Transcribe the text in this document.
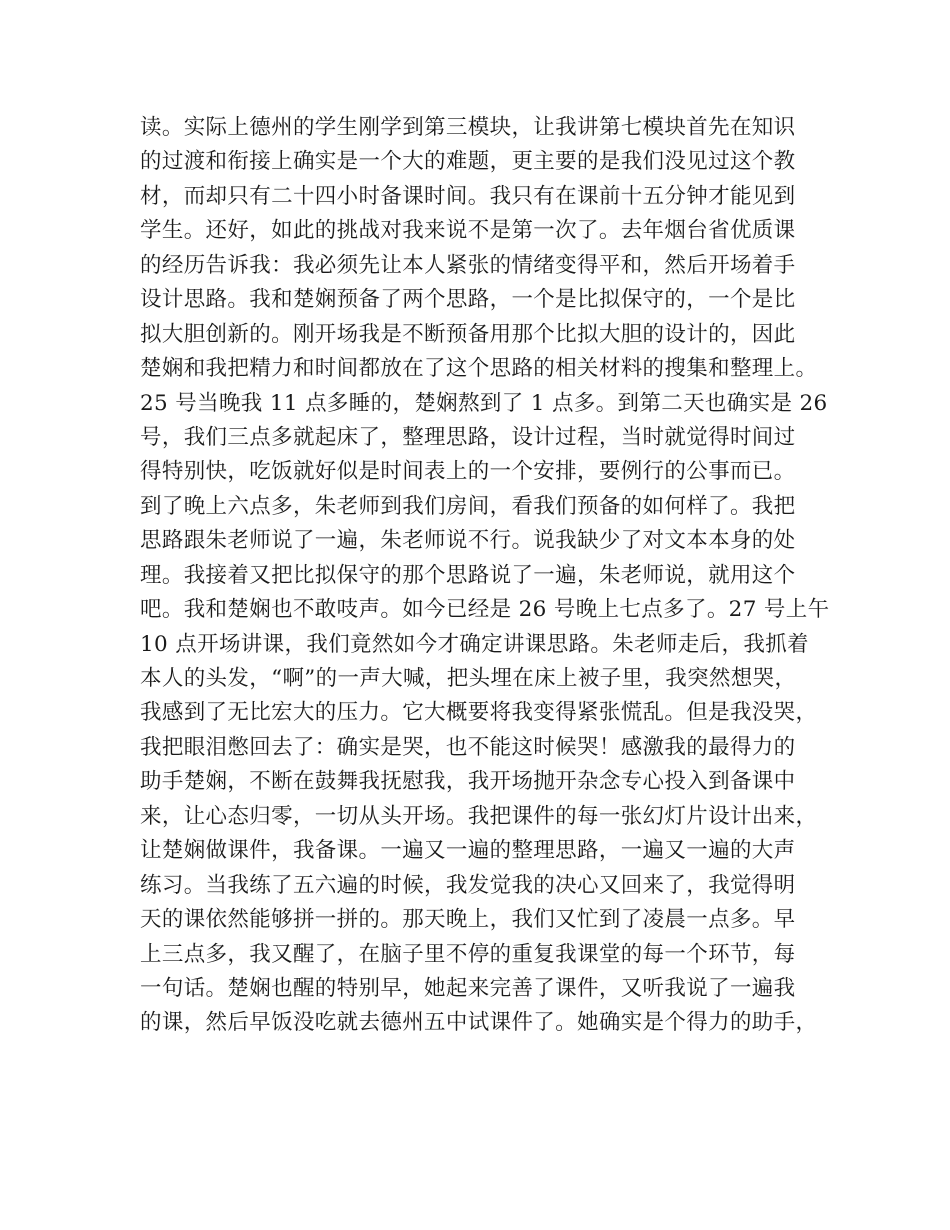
读。实际上德州的学生刚学到第三模块，让我讲第七模块首先在知识
的过渡和衔接上确实是一个大的难题，更主要的是我们没见过这个教
材，而却只有二十四小时备课时间。我只有在课前十五分钟才能见到
学生。还好，如此的挑战对我来说不是第一次了。去年烟台省优质课
的经历告诉我：我必须先让本人紧张的情绪变得平和，然后开场着手
设计思路。我和楚娴预备了两个思路，一个是比拟保守的，一个是比
拟大胆创新的。刚开场我是不断预备用那个比拟大胆的设计的，因此
楚娴和我把精力和时间都放在了这个思路的相关材料的搜集和整理上。
25 号当晚我 11 点多睡的，楚娴熬到了 1 点多。到第二天也确实是 26
号，我们三点多就起床了，整理思路，设计过程，当时就觉得时间过
得特别快，吃饭就好似是时间表上的一个安排，要例行的公事而已。
到了晚上六点多，朱老师到我们房间，看我们预备的如何样了。我把
思路跟朱老师说了一遍，朱老师说不行。说我缺少了对文本本身的处
理。我接着又把比拟保守的那个思路说了一遍，朱老师说，就用这个
吧。我和楚娴也不敢吱声。如今已经是 26 号晚上七点多了。27 号上午
10 点开场讲课，我们竟然如今才确定讲课思路。朱老师走后，我抓着
本人的头发，“啊”的一声大喊，把头埋在床上被子里，我突然想哭，
我感到了无比宏大的压力。它大概要将我变得紧张慌乱。但是我没哭，
我把眼泪憋回去了：确实是哭，也不能这时候哭！感激我的最得力的
助手楚娴，不断在鼓舞我抚慰我，我开场抛开杂念专心投入到备课中
来，让心态归零，一切从头开场。我把课件的每一张幻灯片设计出来，
让楚娴做课件，我备课。一遍又一遍的整理思路，一遍又一遍的大声
练习。当我练了五六遍的时候，我发觉我的决心又回来了，我觉得明
天的课依然能够拼一拼的。那天晚上，我们又忙到了凌晨一点多。早
上三点多，我又醒了，在脑子里不停的重复我课堂的每一个环节，每
一句话。楚娴也醒的特别早，她起来完善了课件，又听我说了一遍我
的课，然后早饭没吃就去德州五中试课件了。她确实是个得力的助手，
